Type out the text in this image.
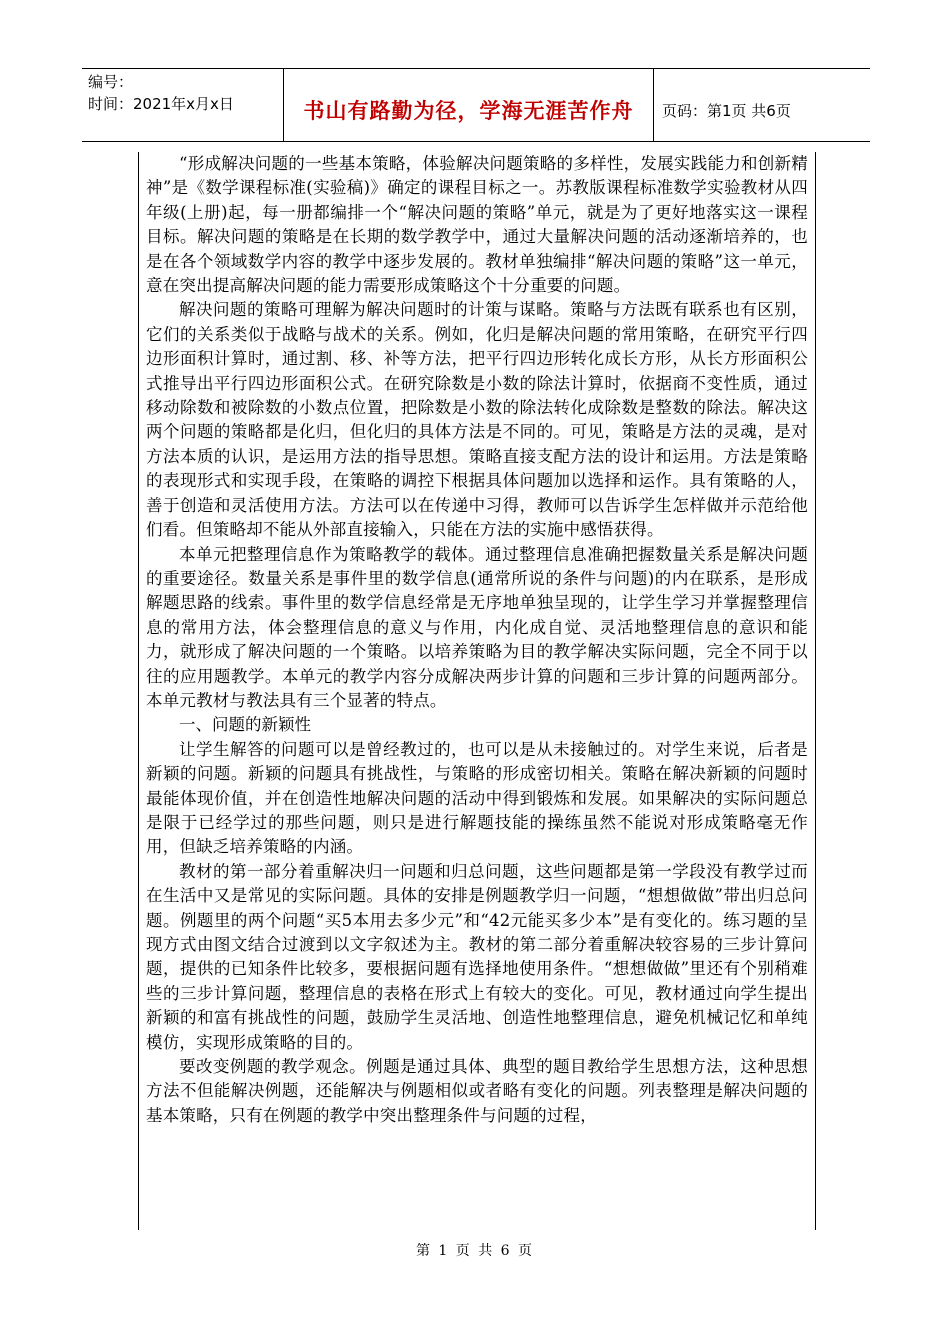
编号：
时间：2021年x月x日	书山有路勤为径，学海无涯苦作舟 页码：第1页 共6页

“形成解决问题的一些基本策略，体验解决问题策略的多样性，发展实践能力和创新精神”是《数学课程标准(实验稿)》确定的课程目标之一。苏教版课程标准数学实验教材从四年级(上册)起，每一册都编排一个“解决问题的策略”单元，就是为了更好地落实这一课程目标。解决问题的策略是在长期的数学教学中，通过大量解决问题的活动逐渐培养的，也是在各个领域数学内容的教学中逐步发展的。教材单独编排“解决问题的策略”这一单元，意在突出提高解决问题的能力需要形成策略这个十分重要的问题。

解决问题的策略可理解为解决问题时的计策与谋略。策略与方法既有联系也有区别，它们的关系类似于战略与战术的关系。例如，化归是解决问题的常用策略，在研究平行四边形面积计算时，通过割、移、补等方法，把平行四边形转化成长方形，从长方形面积公式推导出平行四边形面积公式。在研究除数是小数的除法计算时，依据商不变性质，通过移动除数和被除数的小数点位置，把除数是小数的除法转化成除数是整数的除法。解决这两个问题的策略都是化归，但化归的具体方法是不同的。可见，策略是方法的灵魂，是对方法本质的认识，是运用方法的指导思想。策略直接支配方法的设计和运用。方法是策略的表现形式和实现手段，在策略的调控下根据具体问题加以选择和运作。具有策略的人，善于创造和灵活使用方法。方法可以在传递中习得，教师可以告诉学生怎样做并示范给他们看。但策略却不能从外部直接输入，只能在方法的实施中感悟获得。

本单元把整理信息作为策略教学的载体。通过整理信息准确把握数量关系是解决问题的重要途径。数量关系是事件里的数学信息(通常所说的条件与问题)的内在联系，是形成解题思路的线索。事件里的数学信息经常是无序地单独呈现的，让学生学习并掌握整理信息的常用方法，体会整理信息的意义与作用，内化成自觉、灵活地整理信息的意识和能力，就形成了解决问题的一个策略。以培养策略为目的教学解决实际问题，完全不同于以往的应用题教学。本单元的教学内容分成解决两步计算的问题和三步计算的问题两部分。本单元教材与教法具有三个显著的特点。

一、问题的新颖性

让学生解答的问题可以是曾经教过的，也可以是从未接触过的。对学生来说，后者是新颖的问题。新颖的问题具有挑战性，与策略的形成密切相关。策略在解决新颖的问题时最能体现价值，并在创造性地解决问题的活动中得到锻炼和发展。如果解决的实际问题总是限于已经学过的那些问题，则只是进行解题技能的操练虽然不能说对形成策略毫无作用，但缺乏培养策略的内涵。

教材的第一部分着重解决归一问题和归总问题，这些问题都是第一学段没有教学过而在生活中又是常见的实际问题。具体的安排是例题教学归一问题，“想想做做”带出归总问题。例题里的两个问题“买5本用去多少元”和“42元能买多少本”是有变化的。练习题的呈现方式由图文结合过渡到以文字叙述为主。教材的第二部分着重解决较容易的三步计算问题，提供的已知条件比较多，要根据问题有选择地使用条件。“想想做做”里还有个别稍难些的三步计算问题，整理信息的表格在形式上有较大的变化。可见，教材通过向学生提出新颖的和富有挑战性的问题，鼓励学生灵活地、创造性地整理信息，避免机械记忆和单纯模仿，实现形成策略的目的。

要改变例题的教学观念。例题是通过具体、典型的题目教给学生思想方法，这种思想方法不但能解决例题，还能解决与例题相似或者略有变化的问题。列表整理是解决问题的基本策略，只有在例题的教学中突出整理条件与问题的过程，

第 1 页 共 6 页
